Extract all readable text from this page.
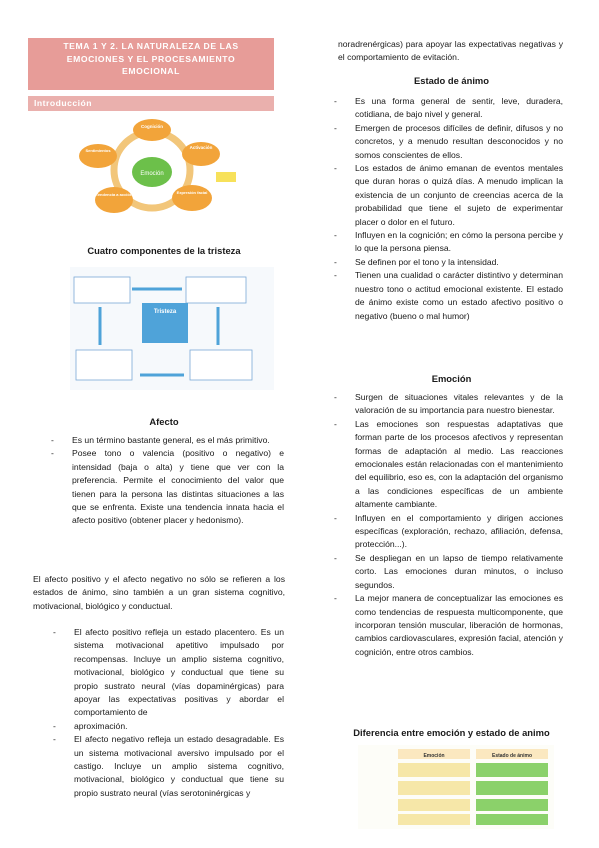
TEMA 1 Y 2. LA NATURALEZA DE LAS
EMOCIONES Y EL PROCESAMIENTO
EMOCIONAL
Introducción
Emoción
Cognición
Activación
Expresión facial
Tendencia a acción
Sentimientos
Cuatro componentes de la tristeza
Tristeza
Afecto
- Es un término bastante general, es el más primitivo.
- Posee tono o valencia (positivo o negativo) e intensidad (baja o alta) y tiene que ver con la preferencia. Permite el conocimiento del valor que tienen para la persona las distintas situaciones a las que se enfrenta. Existe una tendencia innata hacia el afecto positivo (obtener placer y hedonismo).

El afecto positivo y el afecto negativo no sólo se refieren a los estados de ánimo, sino también a un gran sistema cognitivo, motivacional, biológico y conductual.

- El afecto positivo refleja un estado placentero. Es un sistema motivacional apetitivo impulsado por recompensas. Incluye un amplio sistema cognitivo, motivacional, biológico y conductual que tiene su propio sustrato neural (vías dopaminérgicas) para apoyar las expectativas positivas y abordar el comportamiento de
- aproximación.
- El afecto negativo refleja un estado desagradable. Es un sistema motivacional aversivo impulsado por el castigo. Incluye un amplio sistema cognitivo, motivacional, biológico y conductual que tiene su propio sustrato neural (vías serotoninérgicas y

noradrenérgicas) para apoyar las expectativas negativas y el comportamiento de evitación.

Estado de ánimo
- Es una forma general de sentir, leve, duradera, cotidiana, de bajo nivel y general.
- Emergen de procesos difíciles de definir, difusos y no concretos, y a menudo resultan desconocidos y no somos conscientes de ellos.
- Los estados de ánimo emanan de eventos mentales que duran horas o quizá días. A menudo implican la existencia de un conjunto de creencias acerca de la probabilidad que tiene el sujeto de experimentar placer o dolor en el futuro.
- Influyen en la cognición; en cómo la persona percibe y lo que la persona piensa.
- Se definen por el tono y la intensidad.
- Tienen una cualidad o carácter distintivo y determinan nuestro tono o actitud emocional existente. El estado de ánimo existe como un estado afectivo positivo o negativo (bueno o mal humor)
Emoción
- Surgen de situaciones vitales relevantes y de la valoración de su importancia para nuestro bienestar.
- Las emociones son respuestas adaptativas que forman parte de los procesos afectivos y representan formas de adaptación al medio. Las reacciones emocionales están relacionadas con el mantenimiento del equilibrio, eso es, con la adaptación del organismo a las condiciones específicas de un ambiente altamente cambiante.
- Influyen en el comportamiento y dirigen acciones específicas (exploración, rechazo, afiliación, defensa, protección...).
- Se despliegan en un lapso de tiempo relativamente corto. Las emociones duran minutos, o incluso segundos.
- La mejor manera de conceptualizar las emociones es como tendencias de respuesta multicomponente, que incorporan tensión muscular, liberación de hormonas, cambios cardiovasculares, expresión facial, atención y cognición, entre otros cambios.
Diferencia entre emoción y estado de animo
Emoción	Estado de ánimo
